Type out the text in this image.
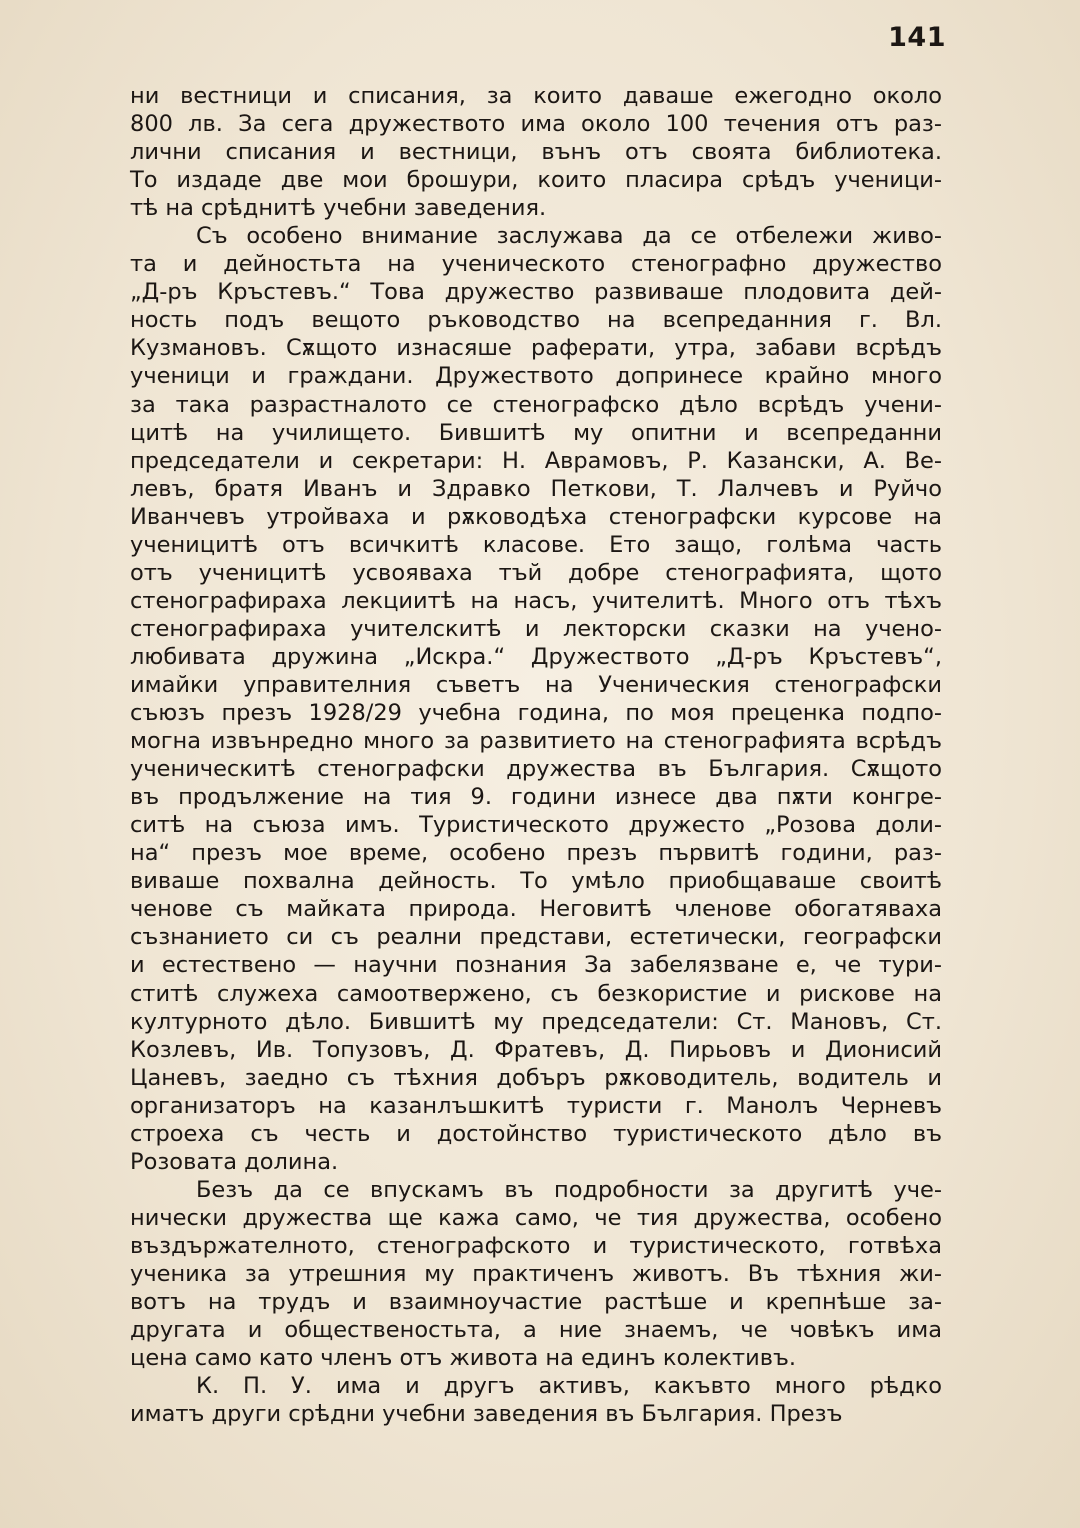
141
ни вестници и списания, за които даваше ежегодно около
800 лв. За сега дружеството има около 100 течения отъ раз-
лични списания и вестници, вънъ отъ своята библиотека.
То издаде две мои брошури, които пласира срѣдъ ученици-
тѣ на срѣднитѣ учебни заведения.
Съ особено внимание заслужава да се отбележи живо-
та и дейностьта на ученическото стенографно дружество
„Д-ръ Кръстевъ.“ Това дружество развиваше плодовита дей-
ность подъ вещото ръководство на всепреданния г. Вл.
Кузмановъ. Сѫщото изнасяше раферати, утра, забави всрѣдъ
ученици и граждани. Дружеството допринесе крайно много
за така разрастналото се стенографско дѣло всрѣдъ учени-
цитѣ на училището. Бившитѣ му опитни и всепреданни
председатели и секретари: Н. Аврамовъ, Р. Казански, А. Ве-
левъ, братя Иванъ и Здравко Петкови, Т. Лалчевъ и Руйчо
Иванчевъ утройваха и рѫководѣха стенографски курсове на
ученицитѣ отъ всичкитѣ класове. Ето защо, голѣма часть
отъ ученицитѣ усвояваха тъй добре стенографията, щото
стенографираха лекциитѣ на насъ, учителитѣ. Много отъ тѣхъ
стенографираха учителскитѣ и лекторски сказки на учено-
любивата дружина „Искра.“ Дружеството „Д-ръ Кръстевъ“,
имайки управителния съветъ на Ученическия стенографски
съюзъ презъ 1928/29 учебна година, по моя преценка подпо-
могна извънредно много за развитието на стенографията всрѣдъ
ученическитѣ стенографски дружества въ България. Сѫщото
въ продължение на тия 9. години изнесе два пѫти конгре-
ситѣ на съюза имъ. Туристическото дружесто „Розова доли-
на“ презъ мое време, особено презъ първитѣ години, раз-
виваше похвална дейность. То умѣло приобщаваше своитѣ
ченове съ майката природа. Неговитѣ членове обогатяваха
съзнанието си съ реални представи, естетически, географски
и естествено — научни познания За забелязване е, че тури-
ститѣ служеха самоотвержено, съ безкористие и рискове на
културното дѣло. Бившитѣ му председатели: Ст. Мановъ, Ст.
Козлевъ, Ив. Топузовъ, Д. Фратевъ, Д. Пирьовъ и Дионисий
Цаневъ, заедно съ тѣхния добъръ рѫководитель, водитель и
организаторъ на казанлъшкитѣ туристи г. Манолъ Черневъ
строеха съ честь и достойнство туристическото дѣло въ
Розовата долина.
Безъ да се впускамъ въ подробности за другитѣ уче-
нически дружества ще кажа само, че тия дружества, особено
въздържателното, стенографското и туристическото, готвѣха
ученика за утрешния му практиченъ животъ. Въ тѣхния жи-
вотъ на трудъ и взаимноучастие растѣше и крепнѣше за-
другата и общественостьта, а ние знаемъ, че човѣкъ има
цена само като членъ отъ живота на единъ колективъ.
К. П. У. има и другъ активъ, какъвто много рѣдко
иматъ други срѣдни учебни заведения въ България. Презъ
